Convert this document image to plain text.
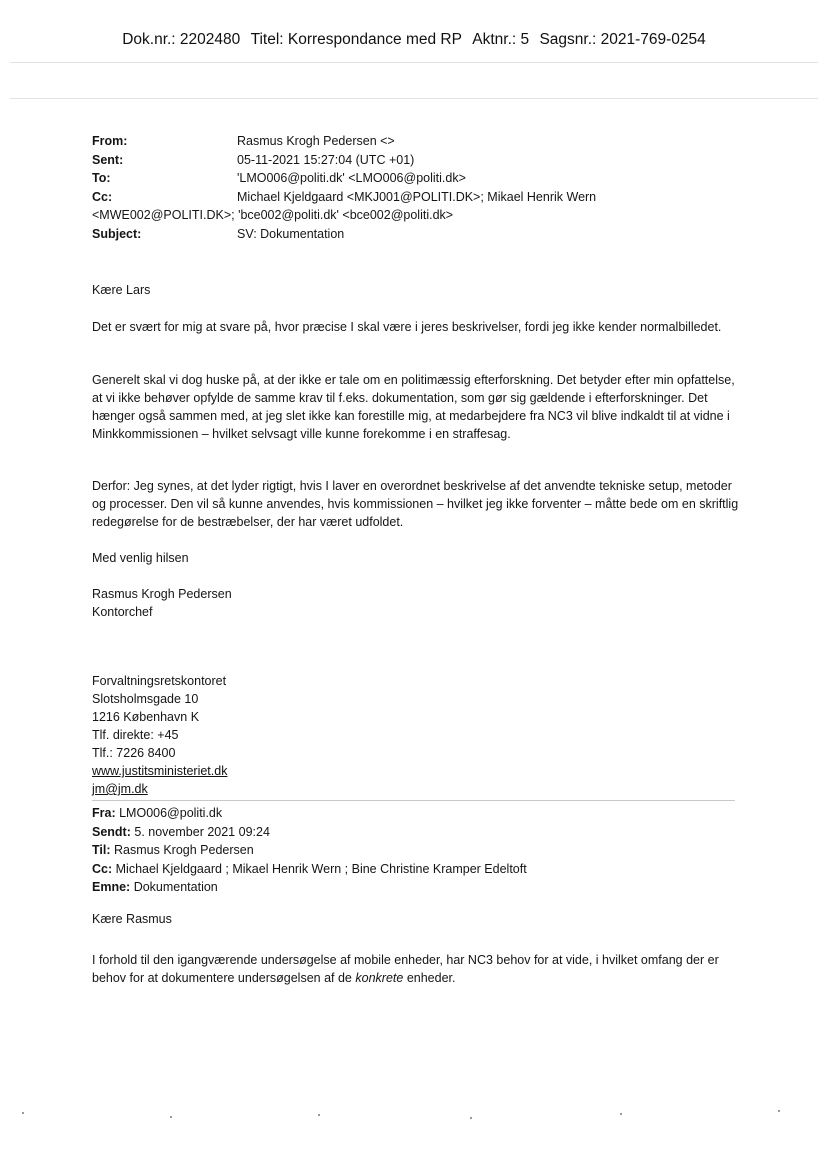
Dok.nr.: 2202480 Titel: Korrespondance med RP Aktnr.: 5 Sagsnr.: 2021-769-0254
From:	Rasmus Krogh Pedersen <>
Sent:	05-11-2021 15:27:04 (UTC +01)
To:	'LMO006@politi.dk' <LMO006@politi.dk>
Cc:	Michael Kjeldgaard <MKJ001@POLITI.DK>; Mikael Henrik Wern
<MWE002@POLITI.DK>; 'bce002@politi.dk' <bce002@politi.dk>
Subject:	SV: Dokumentation

Kære Lars

Det er svært for mig at svare på, hvor præcise I skal være i jeres beskrivelser, fordi jeg ikke kender normalbilledet.

Generelt skal vi dog huske på, at der ikke er tale om en politimæssig efterforskning. Det betyder efter min opfattelse, at vi ikke behøver opfylde de samme krav til f.eks. dokumentation, som gør sig gældende i efterforskninger. Det hænger også sammen med, at jeg slet ikke kan forestille mig, at medarbejdere fra NC3 vil blive indkaldt til at vidne i Minkkommissionen – hvilket selvsagt ville kunne forekomme i en straffesag.

Derfor: Jeg synes, at det lyder rigtigt, hvis I laver en overordnet beskrivelse af det anvendte tekniske setup, metoder og processer. Den vil så kunne anvendes, hvis kommissionen – hvilket jeg ikke forventer – måtte bede om en skriftlig redegørelse for de bestræbelser, der har været udfoldet.

Med venlig hilsen

Rasmus Krogh Pedersen
Kontorchef
Forvaltningsretskontoret
Slotsholmsgade 10
1216 København K
Tlf. direkte: +45
Tlf.: 7226 8400
www.justitsministeriet.dk
jm@jm.dk
Fra: LMO006@politi.dk
Sendt: 5. november 2021 09:24
Til: Rasmus Krogh Pedersen
Cc: Michael Kjeldgaard ; Mikael Henrik Wern ; Bine Christine Kramper Edeltoft
Emne: Dokumentation

Kære Rasmus

I forhold til den igangværende undersøgelse af mobile enheder, har NC3 behov for at vide, i hvilket omfang der er behov for at dokumentere undersøgelsen af de konkrete enheder.
